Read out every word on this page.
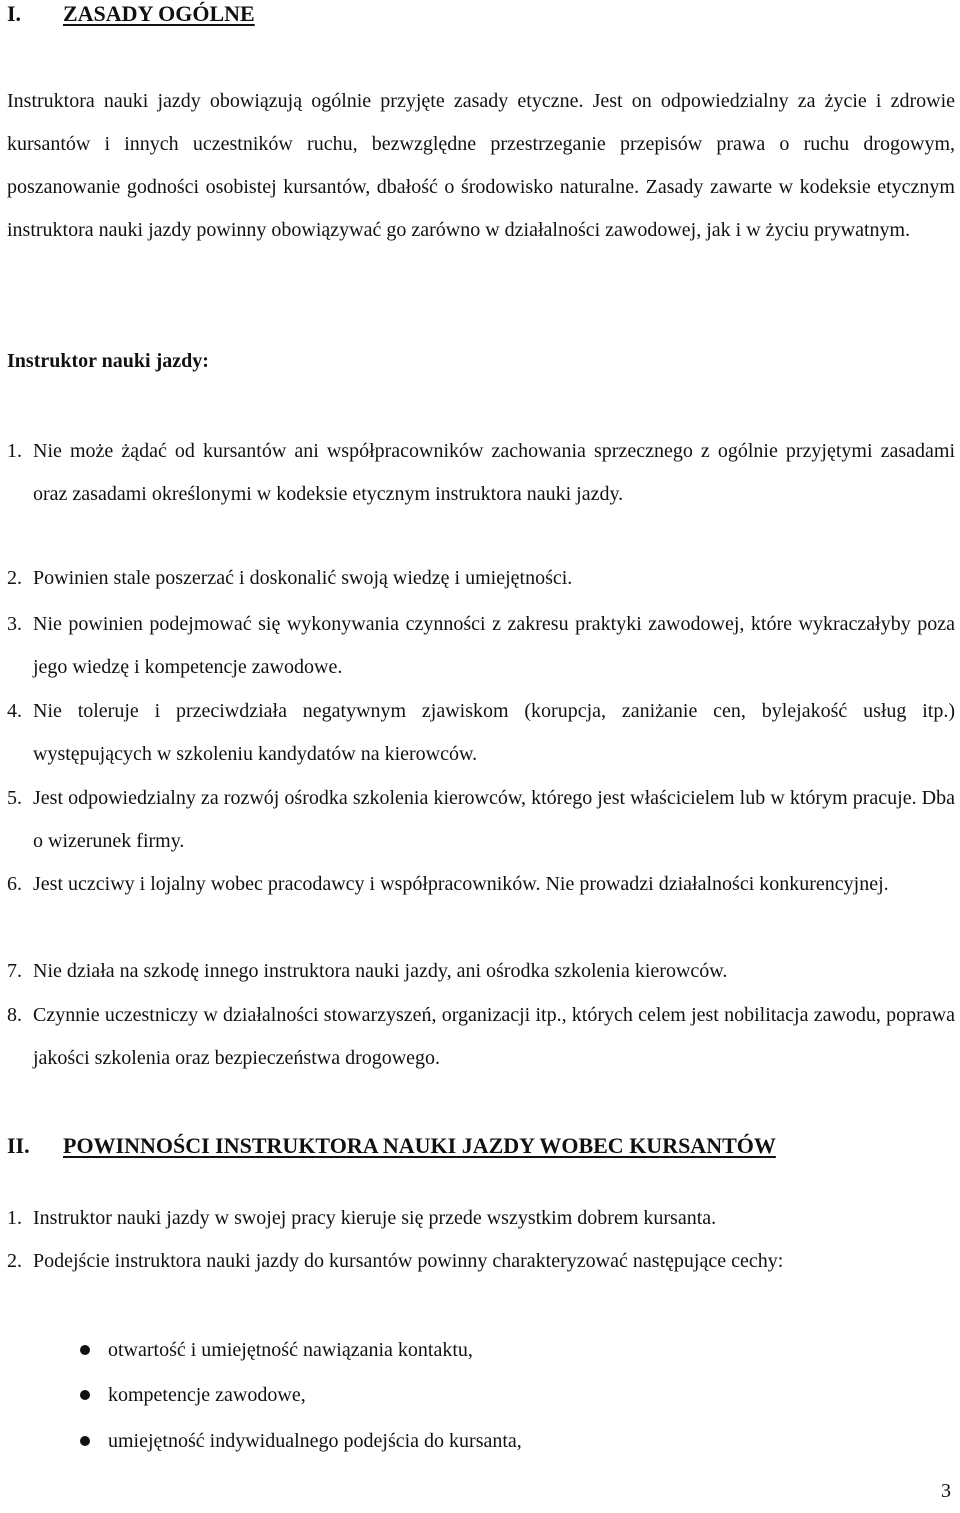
I. ZASADY OGÓLNE
Instruktora nauki jazdy obowiązują ogólnie przyjęte zasady etyczne. Jest on odpowiedzialny za życie i zdrowie kursantów i innych uczestników ruchu, bezwzględne przestrzeganie przepisów prawa o ruchu drogowym, poszanowanie godności osobistej kursantów, dbałość o środowisko naturalne. Zasady zawarte w kodeksie etycznym instruktora nauki jazdy powinny obowiązywać go zarówno w działalności zawodowej, jak i w życiu prywatnym.
Instruktor nauki jazdy:
1. Nie może żądać od kursantów ani współpracowników zachowania sprzecznego z ogólnie przyjętymi zasadami oraz zasadami określonymi w kodeksie etycznym instruktora nauki jazdy.
2. Powinien stale poszerzać i doskonalić swoją wiedzę i umiejętności.
3. Nie powinien podejmować się wykonywania czynności z zakresu praktyki zawodowej, które wykraczałyby poza jego wiedzę i kompetencje zawodowe.
4. Nie toleruje i przeciwdziała negatywnym zjawiskom (korupcja, zaniżanie cen, bylejakość usług itp.) występujących w szkoleniu kandydatów na kierowców.
5. Jest odpowiedzialny za rozwój ośrodka szkolenia kierowców, którego jest właścicielem lub w którym pracuje. Dba o wizerunek firmy.
6. Jest uczciwy i lojalny wobec pracodawcy i współpracowników. Nie prowadzi działalności konkurencyjnej.
7. Nie działa na szkodę innego instruktora nauki jazdy, ani ośrodka szkolenia kierowców.
8. Czynnie uczestniczy w działalności stowarzyszeń, organizacji itp., których celem jest nobilitacja zawodu, poprawa jakości szkolenia oraz bezpieczeństwa drogowego.
II. POWINNOŚCI INSTRUKTORA NAUKI JAZDY WOBEC KURSANTÓW
1. Instruktor nauki jazdy w swojej pracy kieruje się przede wszystkim dobrem kursanta.
2. Podejście instruktora nauki jazdy do kursantów powinny charakteryzować następujące cechy:
otwartość i umiejętność nawiązania kontaktu,
kompetencje zawodowe,
umiejętność indywidualnego podejścia do kursanta,
3
